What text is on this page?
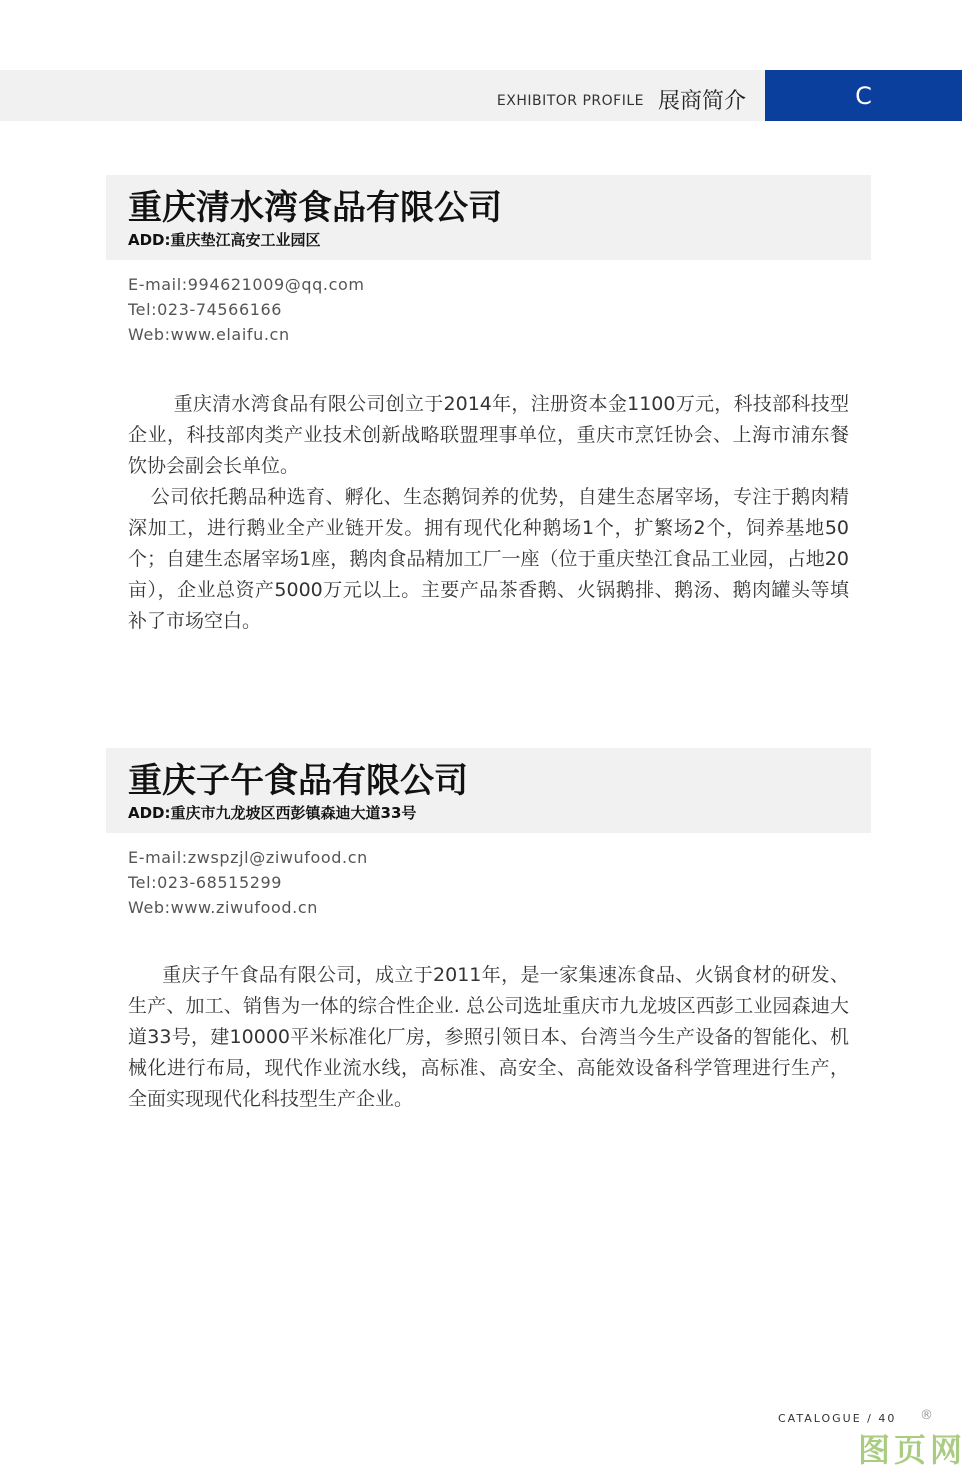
EXHIBITOR PROFILE 展商简介	C
重庆清水湾食品有限公司
ADD:重庆垫江高安工业园区
E-mail:994621009@qq.com
Tel:023-74566166
Web:www.elaifu.cn

重庆清水湾食品有限公司创立于2014年，注册资本金1100万元，科技部科技型企业，科技部肉类产业技术创新战略联盟理事单位，重庆市烹饪协会、上海市浦东餐饮协会副会长单位。

公司依托鹅品种选育、孵化、生态鹅饲养的优势，自建生态屠宰场，专注于鹅肉精深加工，进行鹅业全产业链开发。拥有现代化种鹅场1个，扩繁场2个，饲养基地50个；自建生态屠宰场1座，鹅肉食品精加工厂一座（位于重庆垫江食品工业园，占地20亩），企业总资产5000万元以上。主要产品茶香鹅、火锅鹅排、鹅汤、鹅肉罐头等填补了市场空白。

重庆子午食品有限公司
ADD:重庆市九龙坡区西彭镇森迪大道33号
E-mail:zwspzjl@ziwufood.cn
Tel:023-68515299
Web:www.ziwufood.cn

重庆子午食品有限公司，成立于2011年，是一家集速冻食品、火锅食材的研发、生产、加工、销售为一体的综合性企业. 总公司选址重庆市九龙坡区西彭工业园森迪大道33号，建10000平米标准化厂房，参照引领日本、台湾当今生产设备的智能化、机械化进行布局，现代作业流水线，高标准、高安全、高能效设备科学管理进行生产，全面实现现代化科技型生产企业。

CATALOGUE / 40 ®
图页网
